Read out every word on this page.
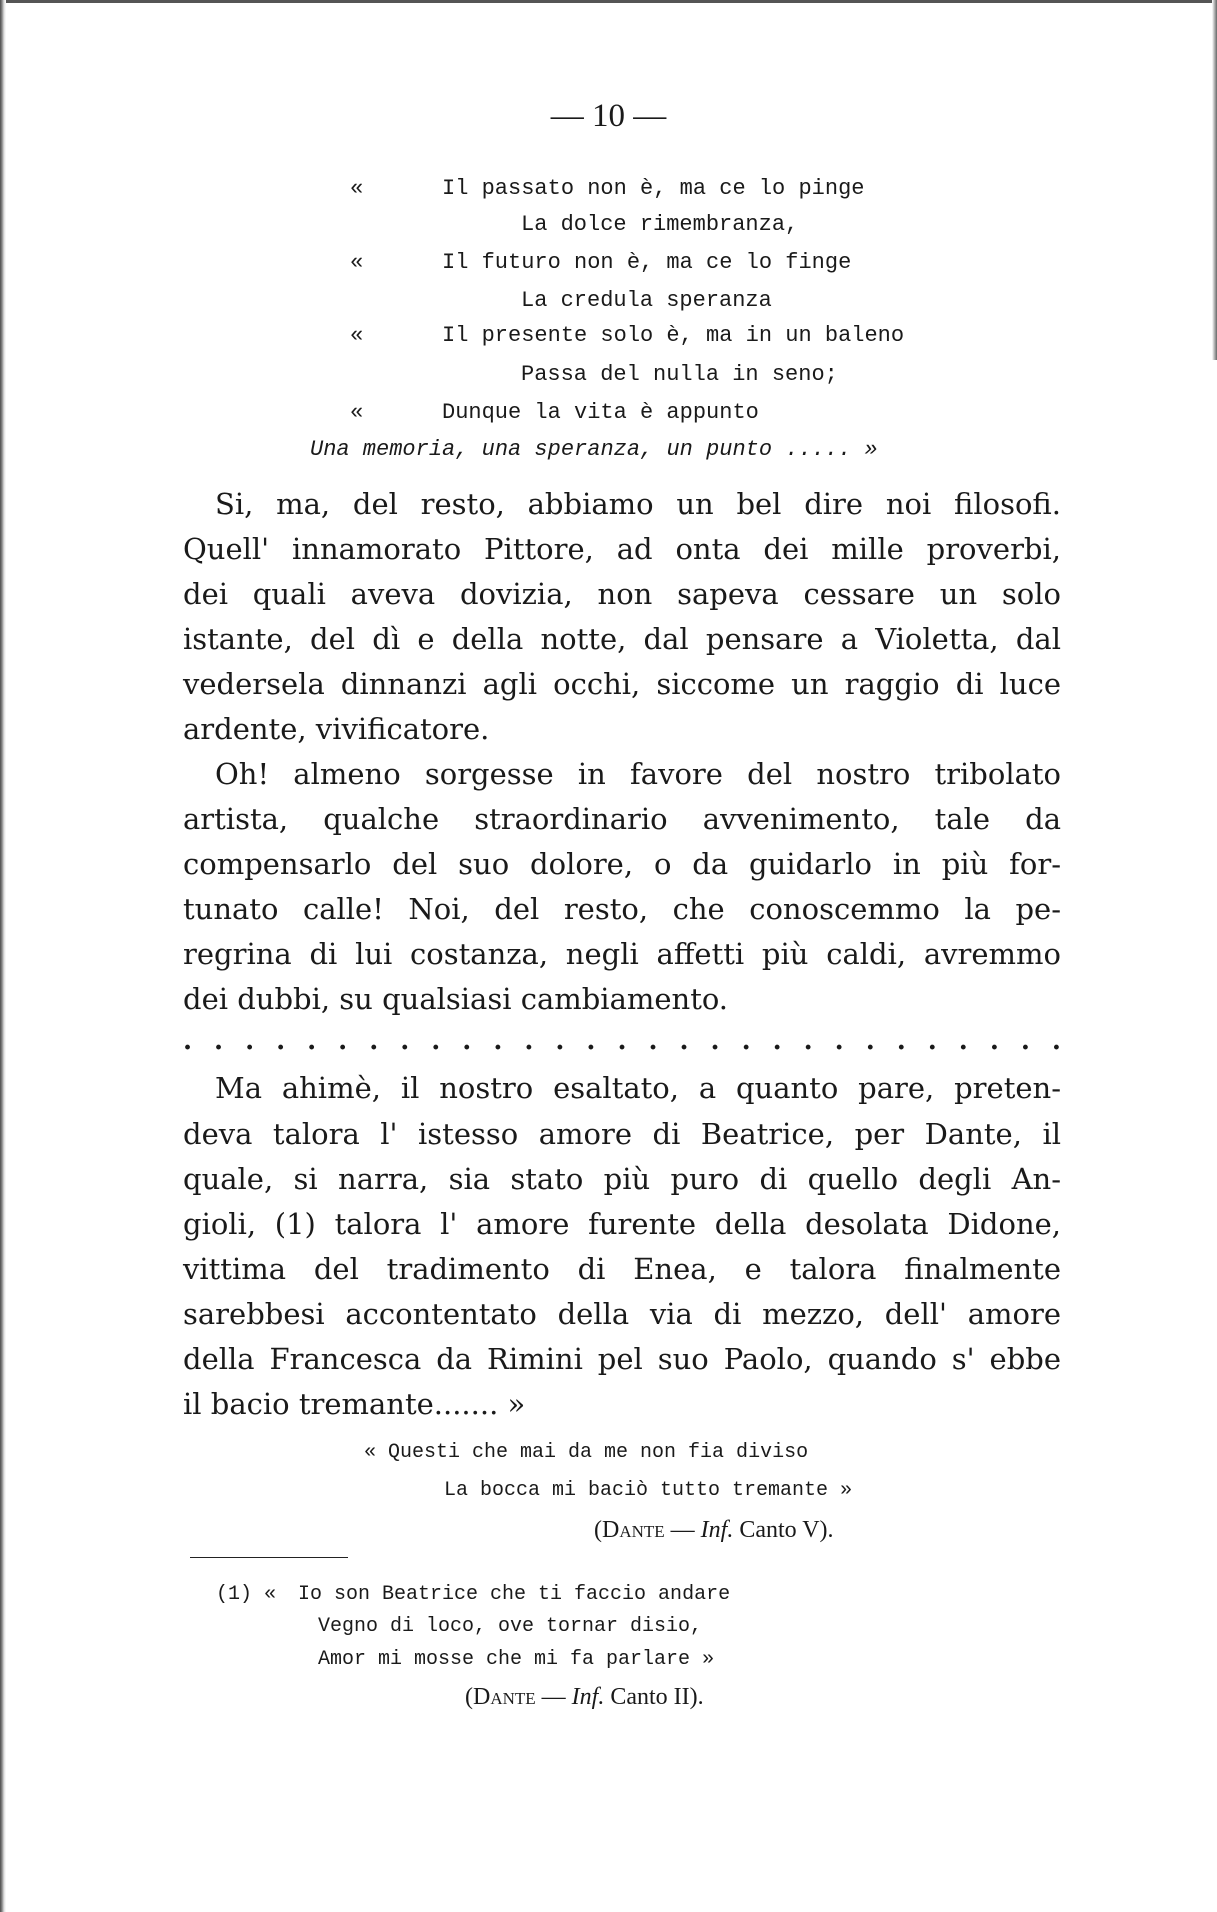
— 10 —
«	Il passato non è, ma ce lo pinge
La dolce rimembranza,
«	Il futuro non è, ma ce lo finge
La credula speranza
«	Il presente solo è, ma in un baleno
Passa del nulla in seno;
«	Dunque la vita è appunto
Una memoria, una speranza, un punto ..... »
Si, ma, del resto, abbiamo un bel dire noi filosofi.
Quell' innamorato Pittore, ad onta dei mille proverbi,
dei quali aveva dovizia, non sapeva cessare un solo
istante, del dì e della notte, dal pensare a Violetta, dal
vedersela dinnanzi agli occhi, siccome un raggio di luce
ardente, vivificatore.
Oh! almeno sorgesse in favore del nostro tribolato
artista, qualche straordinario avvenimento, tale da
compensarlo del suo dolore, o da guidarlo in più for-
tunato calle! Noi, del resto, che conoscemmo la pe-
regrina di lui costanza, negli affetti più caldi, avremmo
dei dubbi, su qualsiasi cambiamento.
. . . . . . . . . . . . . . . . . . . . . . . . . . . . .
Ma ahimè, il nostro esaltato, a quanto pare, preten-
deva talora l' istesso amore di Beatrice, per Dante, il
quale, si narra, sia stato più puro di quello degli An-
gioli, (1) talora l' amore furente della desolata Didone,
vittima del tradimento di Enea, e talora finalmente
sarebbesi accontentato della via di mezzo, dell' amore
della Francesca da Rimini pel suo Paolo, quando s' ebbe
il bacio tremante....... »
« Questi che mai da me non fia diviso
La bocca mi baciò tutto tremante »
(Dante — Inf. Canto V).
(1) « Io son Beatrice che ti faccio andare
Vegno di loco, ove tornar disio,
Amor mi mosse che mi fa parlare »
(Dante — Inf. Canto II).
